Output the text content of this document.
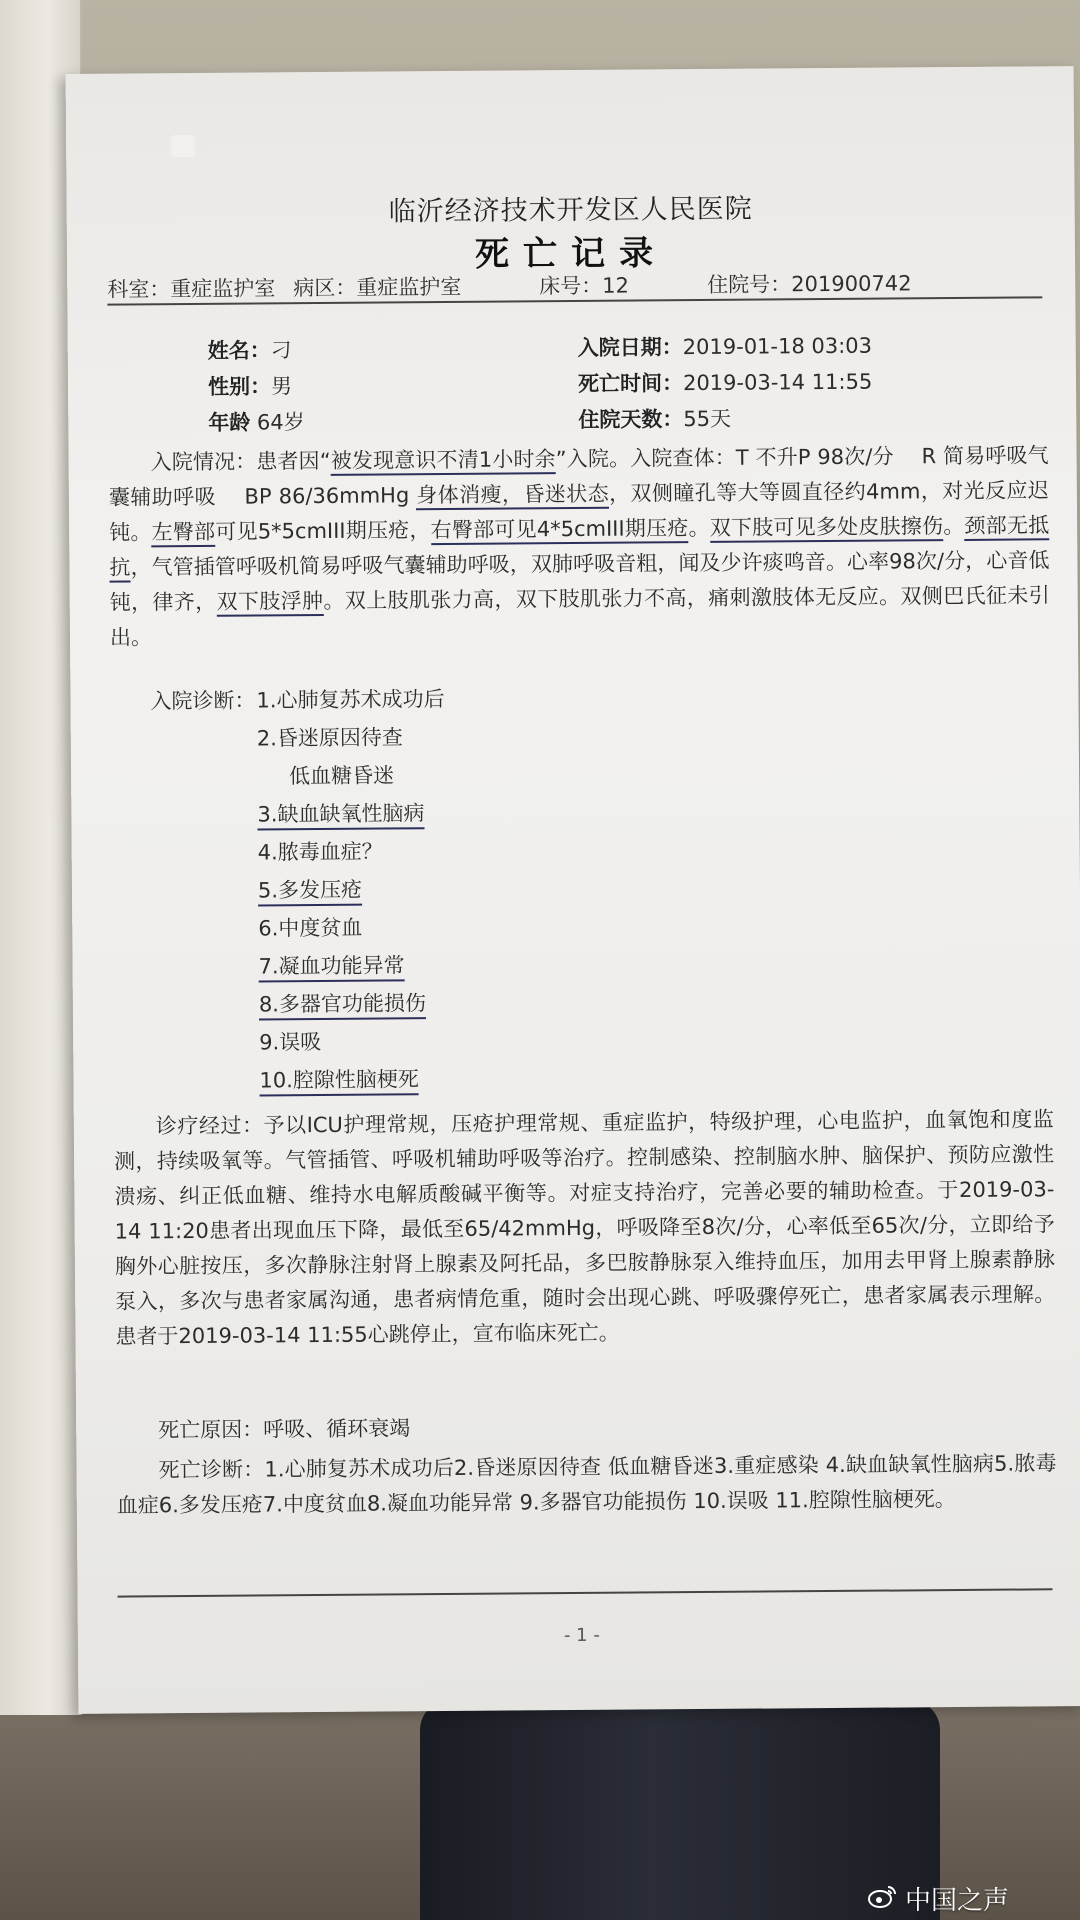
临沂经济技术开发区人民医院
死亡记录
科室：重症监护室 病区：重症监护室	床号：12	住院号：201900742
姓名：刁
性别：男
年龄 64岁
入院日期：2019-01-18 03:03
死亡时间：2019-03-14 11:55
住院天数：55天

入院情况：患者因“被发现意识不清1小时余”入院。入院查体：T 不升P 98次/分　 R 简易呼吸气囊辅助呼吸　 BP 86/36mmHg 身体消瘦，昏迷状态，双侧瞳孔等大等圆直径约4mm，对光反应迟钝。左臀部可见5*5cmIII期压疮，右臀部可见4*5cmIII期压疮。双下肢可见多处皮肤擦伤。颈部无抵抗，气管插管呼吸机简易呼吸气囊辅助呼吸，双肺呼吸音粗，闻及少许痰鸣音。心率98次/分，心音低钝，律齐，双下肢浮肿。双上肢肌张力高，双下肢肌张力不高，痛刺激肢体无反应。双侧巴氏征未引出。

入院诊断： 1.心肺复苏术成功后
2.昏迷原因待查
低血糖昏迷
3.缺血缺氧性脑病
4.脓毒血症？
5.多发压疮
6.中度贫血
7.凝血功能异常
8.多器官功能损伤
9.误吸
10.腔隙性脑梗死

诊疗经过：予以ICU护理常规，压疮护理常规、重症监护，特级护理，心电监护，血氧饱和度监测，持续吸氧等。气管插管、呼吸机辅助呼吸等治疗。控制感染、控制脑水肿、脑保护、预防应激性溃疡、纠正低血糖、维持水电解质酸碱平衡等。对症支持治疗，完善必要的辅助检查。于2019-03-14 11:20患者出现血压下降，最低至65/42mmHg，呼吸降至8次/分，心率低至65次/分，立即给予胸外心脏按压，多次静脉注射肾上腺素及阿托品，多巴胺静脉泵入维持血压，加用去甲肾上腺素静脉泵入，多次与患者家属沟通，患者病情危重，随时会出现心跳、呼吸骤停死亡，患者家属表示理解。患者于2019-03-14 11:55心跳停止，宣布临床死亡。

死亡原因：呼吸、循环衰竭

死亡诊断：1.心肺复苏术成功后2.昏迷原因待查 低血糖昏迷3.重症感染 4.缺血缺氧性脑病5.脓毒血症6.多发压疮7.中度贫血8.凝血功能异常 9.多器官功能损伤 10.误吸 11.腔隙性脑梗死。

- 1 -
中国之声
